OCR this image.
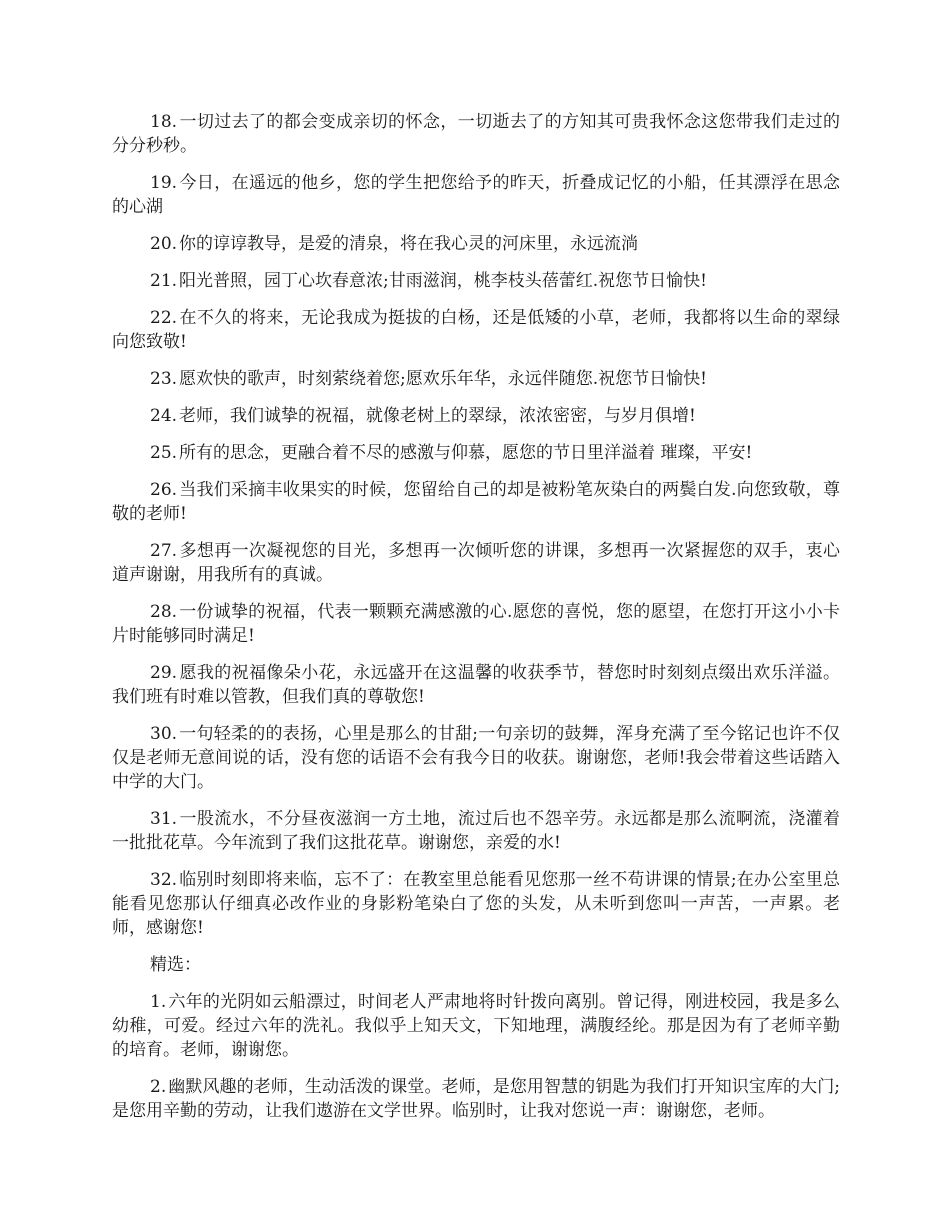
18. 一切过去了的都会变成亲切的怀念，一切逝去了的方知其可贵我怀念这您带我们走过的分分秒秒。

19. 今日，在遥远的他乡，您的学生把您给予的昨天，折叠成记忆的小船，任其漂浮在思念的心湖

20. 你的谆谆教导，是爱的清泉，将在我心灵的河床里，永远流淌

21. 阳光普照，园丁心坎春意浓;甘雨滋润，桃李枝头蓓蕾红.祝您节日愉快!

22. 在不久的将来，无论我成为挺拔的白杨，还是低矮的小草，老师，我都将以生命的翠绿向您致敬!

23. 愿欢快的歌声，时刻萦绕着您;愿欢乐年华，永远伴随您.祝您节日愉快!

24. 老师，我们诚挚的祝福，就像老树上的翠绿，浓浓密密，与岁月俱增!

25. 所有的思念，更融合着不尽的感激与仰慕，愿您的节日里洋溢着 璀璨，平安!

26. 当我们采摘丰收果实的时候，您留给自己的却是被粉笔灰染白的两鬓白发.向您致敬，尊敬的老师!

27. 多想再一次凝视您的目光，多想再一次倾听您的讲课，多想再一次紧握您的双手，衷心道声谢谢，用我所有的真诚。

28. 一份诚挚的祝福，代表一颗颗充满感激的心.愿您的喜悦，您的愿望，在您打开这小小卡片时能够同时满足!

29. 愿我的祝福像朵小花，永远盛开在这温馨的收获季节，替您时时刻刻点缀出欢乐洋溢。 我们班有时难以管教，但我们真的尊敬您!

30. 一句轻柔的的表扬，心里是那么的甘甜;一句亲切的鼓舞，浑身充满了至今铭记也许不仅仅是老师无意间说的话，没有您的话语不会有我今日的收获。谢谢您，老师!我会带着这些话踏入中学的大门。

31. 一股流水，不分昼夜滋润一方土地，流过后也不怨辛劳。永远都是那么流啊流，浇灌着一批批花草。今年流到了我们这批花草。谢谢您，亲爱的水!

32. 临别时刻即将来临，忘不了：在教室里总能看见您那一丝不苟讲课的情景;在办公室里总能看见您那认仔细真必改作业的身影粉笔染白了您的头发，从未听到您叫一声苦，一声累。老师，感谢您!

精选：

1. 六年的光阴如云船漂过，时间老人严肃地将时针拨向离别。曾记得，刚进校园，我是多么幼稚，可爱。经过六年的洗礼。我似乎上知天文，下知地理，满腹经纶。那是因为有了老师辛勤的培育。老师，谢谢您。

2. 幽默风趣的老师，生动活泼的课堂。老师，是您用智慧的钥匙为我们打开知识宝库的大门;是您用辛勤的劳动，让我们遨游在文学世界。临别时，让我对您说一声：谢谢您，老师。
